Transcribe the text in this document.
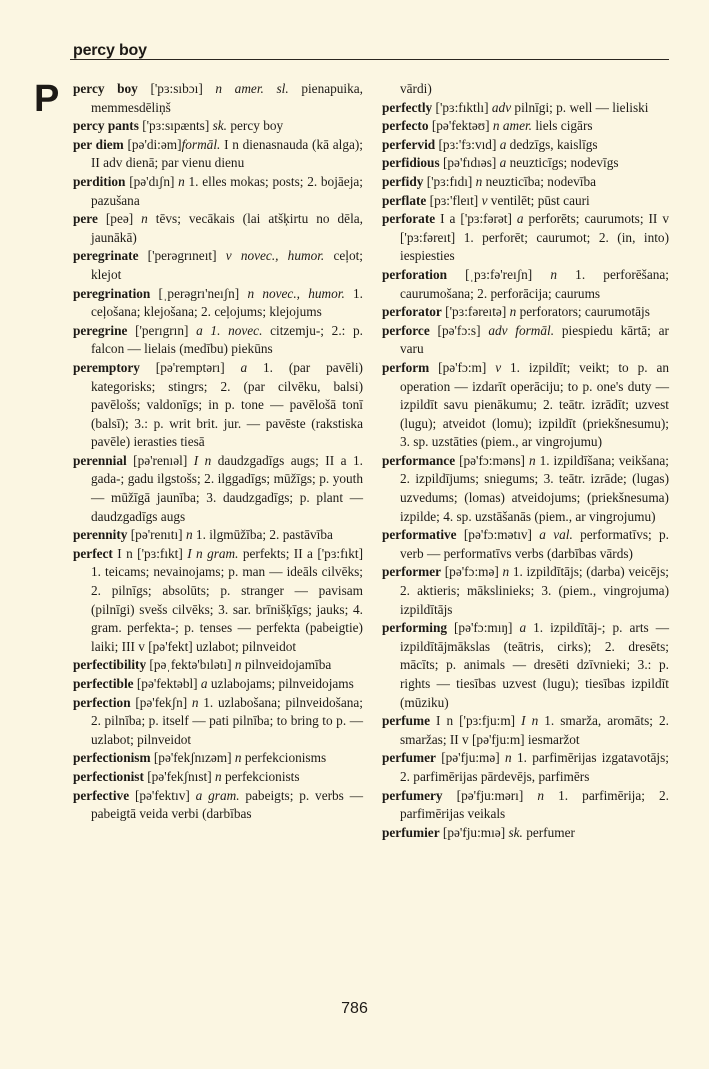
percy boy
P percy boy ['pɜ:sıbɔı] n amer. sl. pienapuika, memmesdēliņš

percy pants ['pɜ:sıpænts] sk. percy boy

per diem [pə'di:əm]formāl. I n dienasnauda (kā alga); II adv dienā; par vienu dienu

perdition [pə'dıʃn] n 1. elles mokas; posts; 2. bojāeja; pazušana

pere [peə] n tēvs; vecākais (lai atšķirtu no dēla, jaunākā)

peregrinate ['perəgrıneıt] v novec., humor. ceļot; klejot

peregrination [ˌperəgrı'neıʃn] n novec., humor. 1. ceļošana; klejošana; 2. ceļojums; klejojums

peregrine ['perıgrın] a 1. novec. citzemju-; 2.: p. falcon — lielais (medību) piekūns

peremptory [pə'remptərı] a 1. (par pavēli) kategorisks; stingrs; 2. (par cilvēku, balsi) pavēlošs; valdonīgs; in p. tone — pavēlošā tonī (balsī); 3.: p. writ brit. jur. — pavēste (rakstiska pavēle) ierasties tiesā

perennial [pə'renıəl] I n daudzgadīgs augs; II a 1. gada-; gadu ilgstošs; 2. ilggadīgs; mūžīgs; p. youth — mūžīgā jaunība; 3. daudzgadīgs; p. plant — daudzgadīgs augs

perennity [pə'renıtı] n 1. ilgmūžība; 2. pastāvība

perfect I n ['pɜ:fıkt] I n gram. perfekts; II a ['pɜ:fıkt] 1. teicams; nevainojams; p. man — ideāls cilvēks; 2. pilnīgs; absolūts; p. stranger — pavisam (pilnīgi) svešs cilvēks; 3. sar. brīnišķīgs; jauks; 4. gram. perfekta-; p. tenses — perfekta (pabeigtie) laiki; III v [pə'fekt] uzlabot; pilnveidot

perfectibility [pəˌfektə'bılətı] n pilnveidojamība

perfectible [pə'fektəbl] a uzlabojams; pilnveidojams

perfection [pə'fekʃn] n 1. uzlabošana; pilnveidošana; 2. pilnība; p. itself — pati pilnība; to bring to p. — uzlabot; pilnveidot

perfectionism [pə'fekʃnızəm] n perfekcionisms

perfectionist [pə'fekʃnıst] n perfekcionists

perfective [pə'fektıv] a gram. pabeigts; p. verbs — pabeigtā veida verbi (darbības

vārdi)

perfectly ['pɜ:fıktlı] adv pilnīgi; p. well — lieliski

perfecto [pə'fektəʊ] n amer. liels cigārs

perfervid [pɜ:'fɜ:vıd] a dedzīgs, kaislīgs

perfidious [pə'fıdıəs] a neuzticīgs; nodevīgs

perfidy ['pɜ:fıdı] n neuzticība; nodevība

perflate [pɜ:'fleıt] v ventilēt; pūst cauri

perforate I a ['pɜ:fərət] a perforēts; caurumots; II v ['pɜ:fəreıt] 1. perforēt; caurumot; 2. (in, into) iespiesties

perforation [ˌpɜ:fə'reıʃn] n 1. perforēšana; caurumošana; 2. perforācija; caurums

perforator ['pɜ:fəreıtə] n perforators; caurumotājs

perforce [pə'fɔ:s] adv formāl. piespiedu kārtā; ar varu

perform [pə'fɔ:m] v 1. izpildīt; veikt; to p. an operation — izdarīt operāciju; to p. one's duty — izpildīt savu pienākumu; 2. teātr. izrādīt; uzvest (lugu); atveidot (lomu); izpildīt (priekšnesumu); 3. sp. uzstāties (piem., ar vingrojumu)

performance [pə'fɔ:məns] n 1. izpildīšana; veikšana; 2. izpildījums; sniegums; 3. teātr. izrāde; (lugas) uzvedums; (lomas) atveidojums; (priekšnesuma) izpilde; 4. sp. uzstāšanās (piem., ar vingrojumu)

performative [pə'fɔ:mətıv] a val. performatīvs; p. verb — performatīvs verbs (darbības vārds)

performer [pə'fɔ:mə] n 1. izpildītājs; (darba) veicējs; 2. aktieris; mākslinieks; 3. (piem., vingrojuma) izpildītājs

performing [pə'fɔ:mıŋ] a 1. izpildītāj-; p. arts — izpildītājmākslas (teātris, cirks); 2. dresēts; mācīts; p. animals — dresēti dzīvnieki; 3.: p. rights — tiesības uzvest (lugu); tiesības izpildīt (mūziku)

perfume I n ['pɜ:fju:m] I n 1. smarža, aromāts; 2. smaržas; II v [pə'fju:m] iesmaržot

perfumer [pə'fju:mə] n 1. parfimērijas izgatavotājs; 2. parfimērijas pārdevējs, parfimērs

perfumery [pə'fju:mərı] n 1. parfimērija; 2. parfimērijas veikals

perfumier [pə'fju:mıə] sk. perfumer

786
